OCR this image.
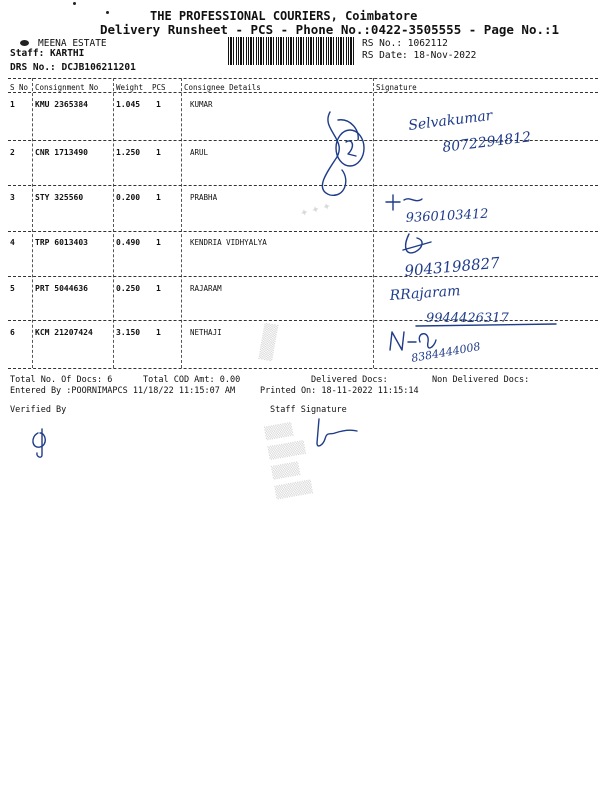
THE PROFESSIONAL COURIERS, Coimbatore
Delivery Runsheet - PCS - Phone No.:0422-3505555 - Page No.:1
MEENA ESTATE
Staff: KARTHI
DRS No.: DCJB106211201
RS No.: 1062112
RS Date: 18-Nov-2022
S No Consignment No Weight PCS Consignee Details	Signature
1	KMU 2365384	1.045 1	KUMAR
2	CNR 1713490	1.250 1	ARUL
3	STY 325560	0.200 1	PRABHA
4	TRP 6013403	0.490 1	KENDRIA VIDHYALYA
5	PRT 5044636	0.250 1	RAJARAM
6	KCM 21207424	3.150 1	NETHAJI
✦ ✦ ✦
▒▒▒▒
▒▒▒
▒▒▒▒
▒▒▒
▒▒▒▒
Selvakumar
8072294812
9360103412
9043198827
RRajaram
9944426317
8384444008
Total No. Of Docs: 6	Total COD Amt: 0.00	Delivered Docs:	Non Delivered Docs:
Entered By :POORNIMAPCS 11/18/22 11:15:07 AM	Printed On: 18-11-2022 11:15:14
Verified By	Staff Signature
